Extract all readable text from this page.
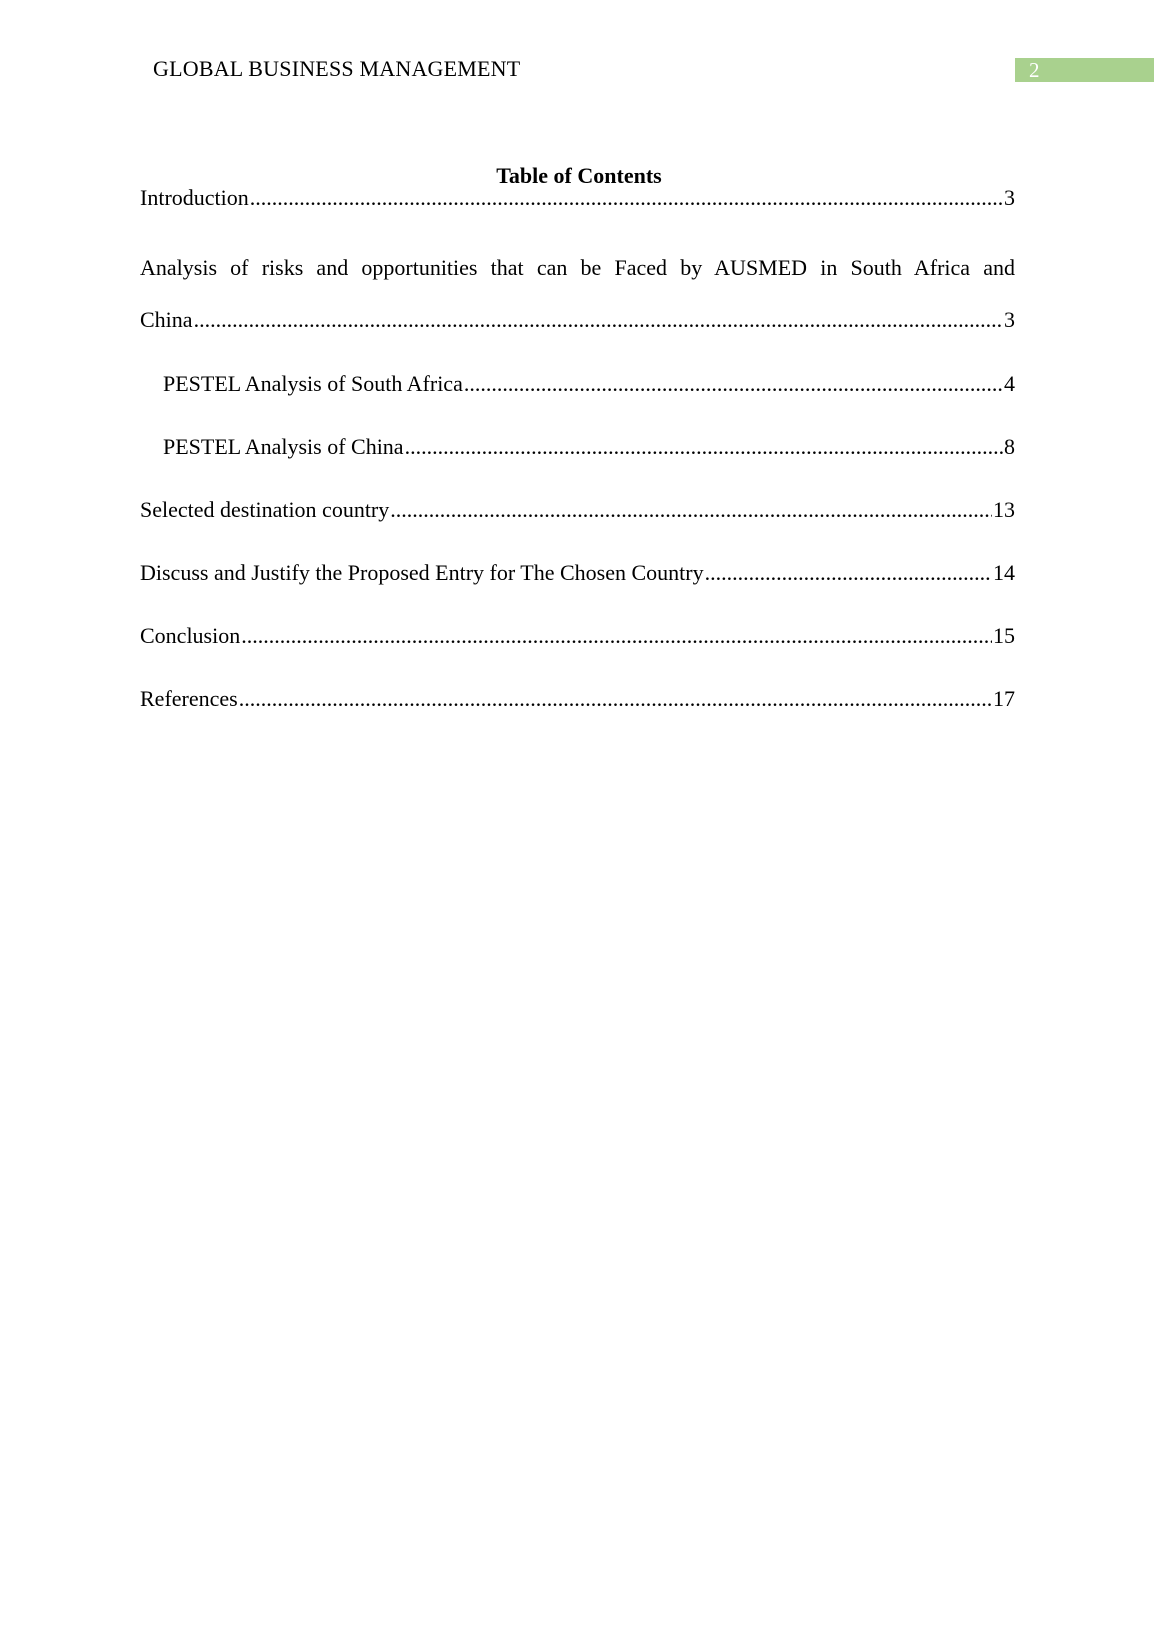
GLOBAL BUSINESS MANAGEMENT	2
Table of Contents
Introduction .....	3
Analysis of risks and opportunities that can be Faced by AUSMED in South Africa and
China .....	3
PESTEL Analysis of South Africa .....	4
PESTEL Analysis of China .....	8
Selected destination country .....	13
Discuss and Justify the Proposed Entry for The Chosen Country .....	14
Conclusion .....	15
References .....	17
